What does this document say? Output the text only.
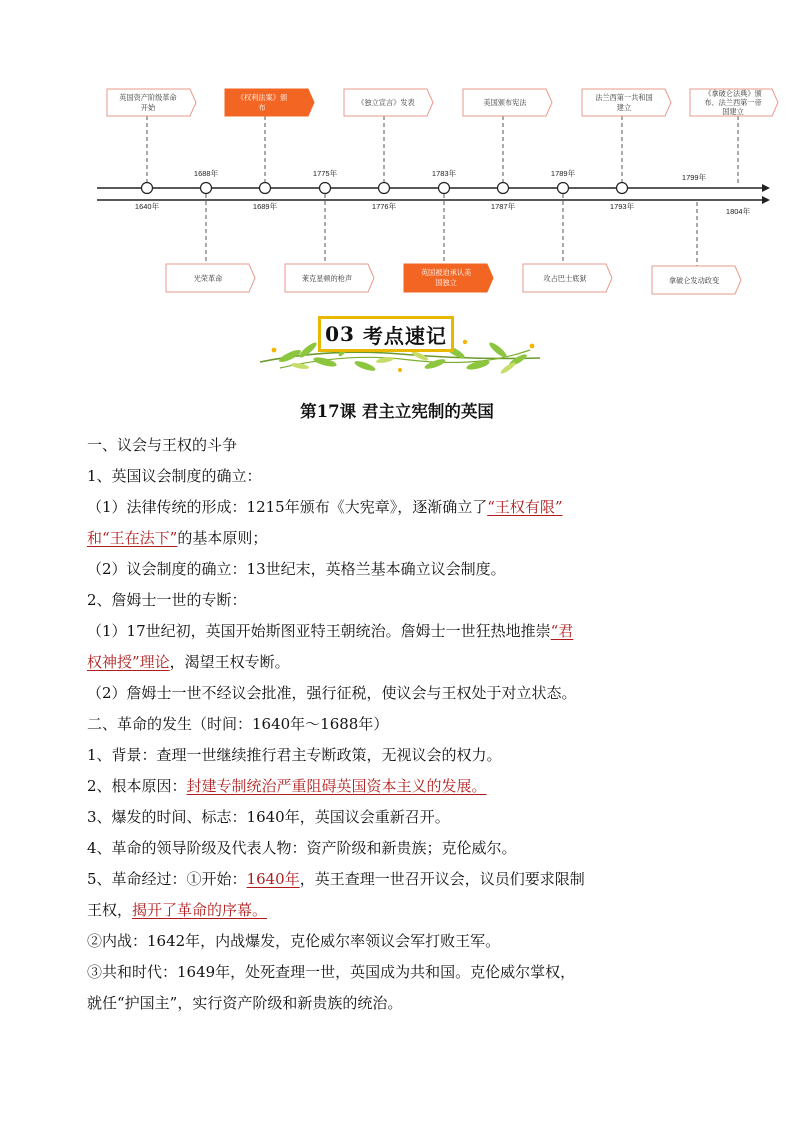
1688年	1775年	1783年	1789年	1799年
1640年	1689年	1776年	1787年	1793年
1804年
英国资产阶级革命
开始
《权利法案》颁
布
《独立宣言》发表	美国颁布宪法
法兰西第一共和国
建立
《拿破仑法典》颁
布、法兰西第一帝
国建立
光荣革命	莱克星顿的枪声
英国被迫承认美
国独立	攻占巴士底狱	拿破仑发动政变
03
考点速记
第17课 君主立宪制的英国

一、议会与王权的斗争

1、英国议会制度的确立：

（1）法律传统的形成：1215年颁布《大宪章》，逐渐确立了“王权有限”

和“王在法下”的基本原则；

（2）议会制度的确立：13世纪末，英格兰基本确立议会制度。

2、詹姆士一世的专断：

（1）17世纪初，英国开始斯图亚特王朝统治。詹姆士一世狂热地推崇“君

权神授”理论，渴望王权专断。

（2）詹姆士一世不经议会批准，强行征税，使议会与王权处于对立状态。

二、革命的发生（时间：1640年～1688年）

1、背景：查理一世继续推行君主专断政策，无视议会的权力。

2、根本原因：封建专制统治严重阻碍英国资本主义的发展。

3、爆发的时间、标志：1640年，英国议会重新召开。

4、革命的领导阶级及代表人物：资产阶级和新贵族；克伦威尔。

5、革命经过：①开始：1640年，英王查理一世召开议会，议员们要求限制

王权，揭开了革命的序幕。

②内战：1642年，内战爆发，克伦威尔率领议会军打败王军。

③共和时代：1649年，处死查理一世，英国成为共和国。克伦威尔掌权，

就任“护国主”，实行资产阶级和新贵族的统治。
